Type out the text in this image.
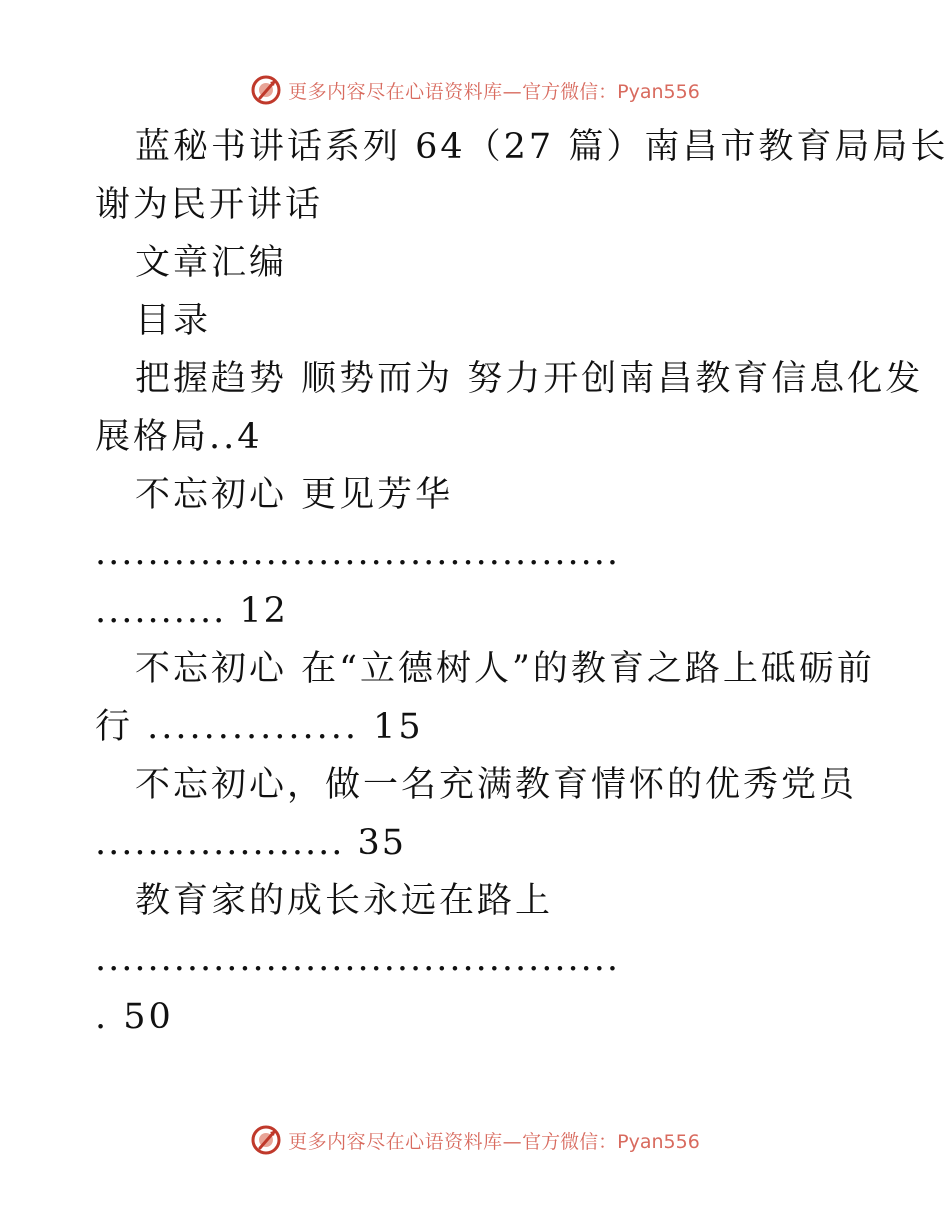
更多内容尽在心语资料库—官方微信：Pyan556
蓝秘书讲话系列 64（27 篇）南昌市教育局局长
谢为民开讲话
文章汇编
目录
把握趋势 顺势而为 努力开创南昌教育信息化发
展格局..4
不忘初心 更见芳华
........................................
.......... 12
不忘初心 在“立德树人”的教育之路上砥砺前
行 ............... 15
不忘初心，做一名充满教育情怀的优秀党员
................... 35
教育家的成长永远在路上
........................................
. 50
更多内容尽在心语资料库—官方微信：Pyan556
